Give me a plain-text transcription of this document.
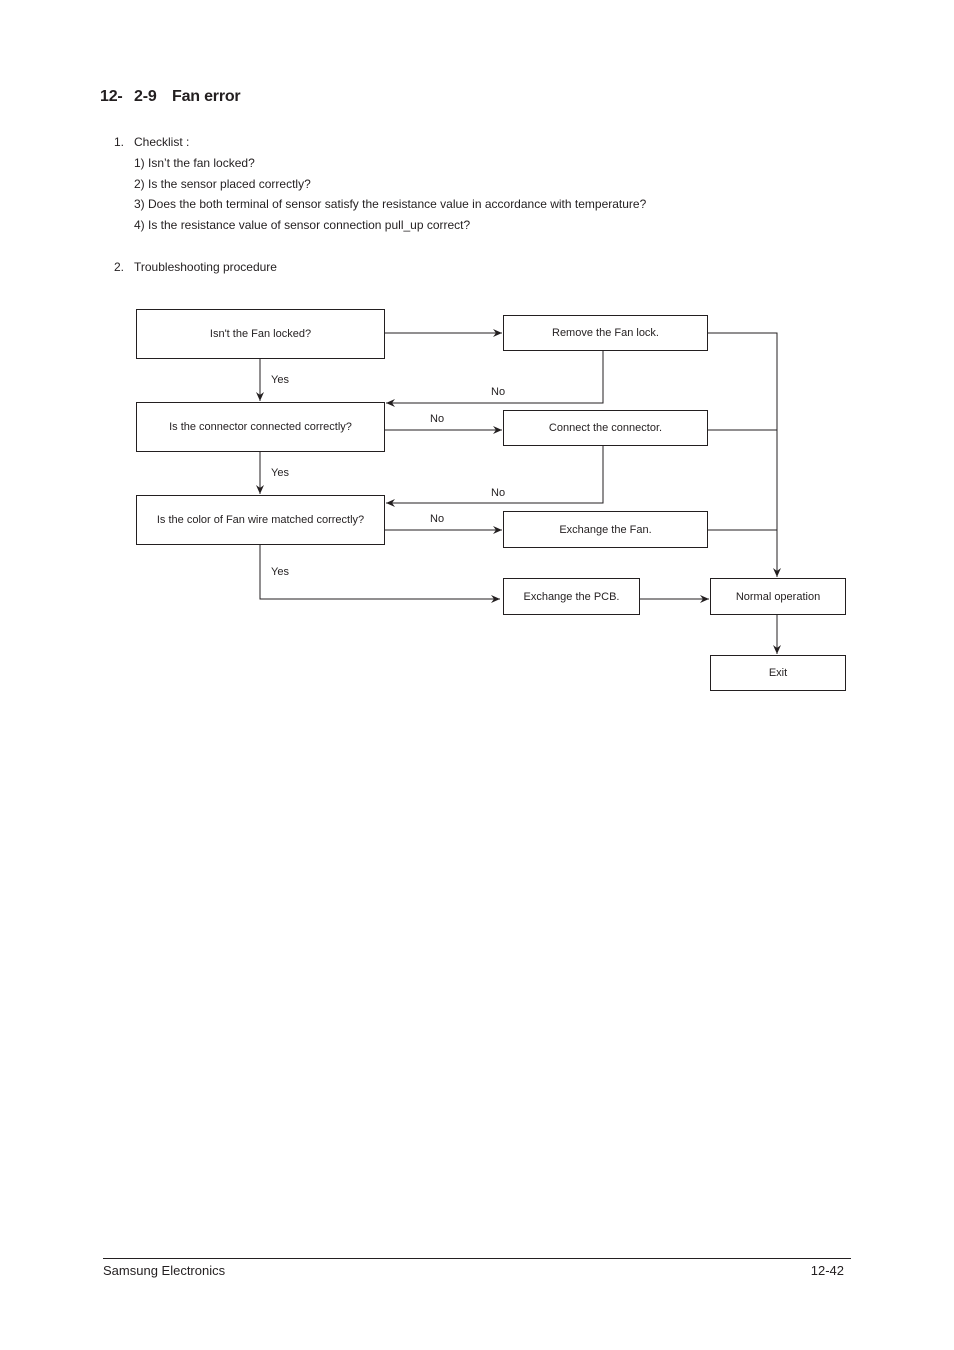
12- 2-9 Fan error
1. Checklist :
1) Isn’t the fan locked?
2) Is the sensor placed correctly?
3) Does the both terminal of sensor satisfy the resistance value in accordance with temperature?
4) Is the resistance value of sensor connection pull_up correct?
2. Troubleshooting procedure
Isn't the Fan locked?
Is the connector connected correctly?
Is the color of Fan wire matched correctly?
Remove the Fan lock.
Connect the connector.
Exchange the Fan.
Exchange the PCB.	Normal operation
Exit
Yes
Yes
Yes
No
No
No
No
Samsung Electronics	12-42
